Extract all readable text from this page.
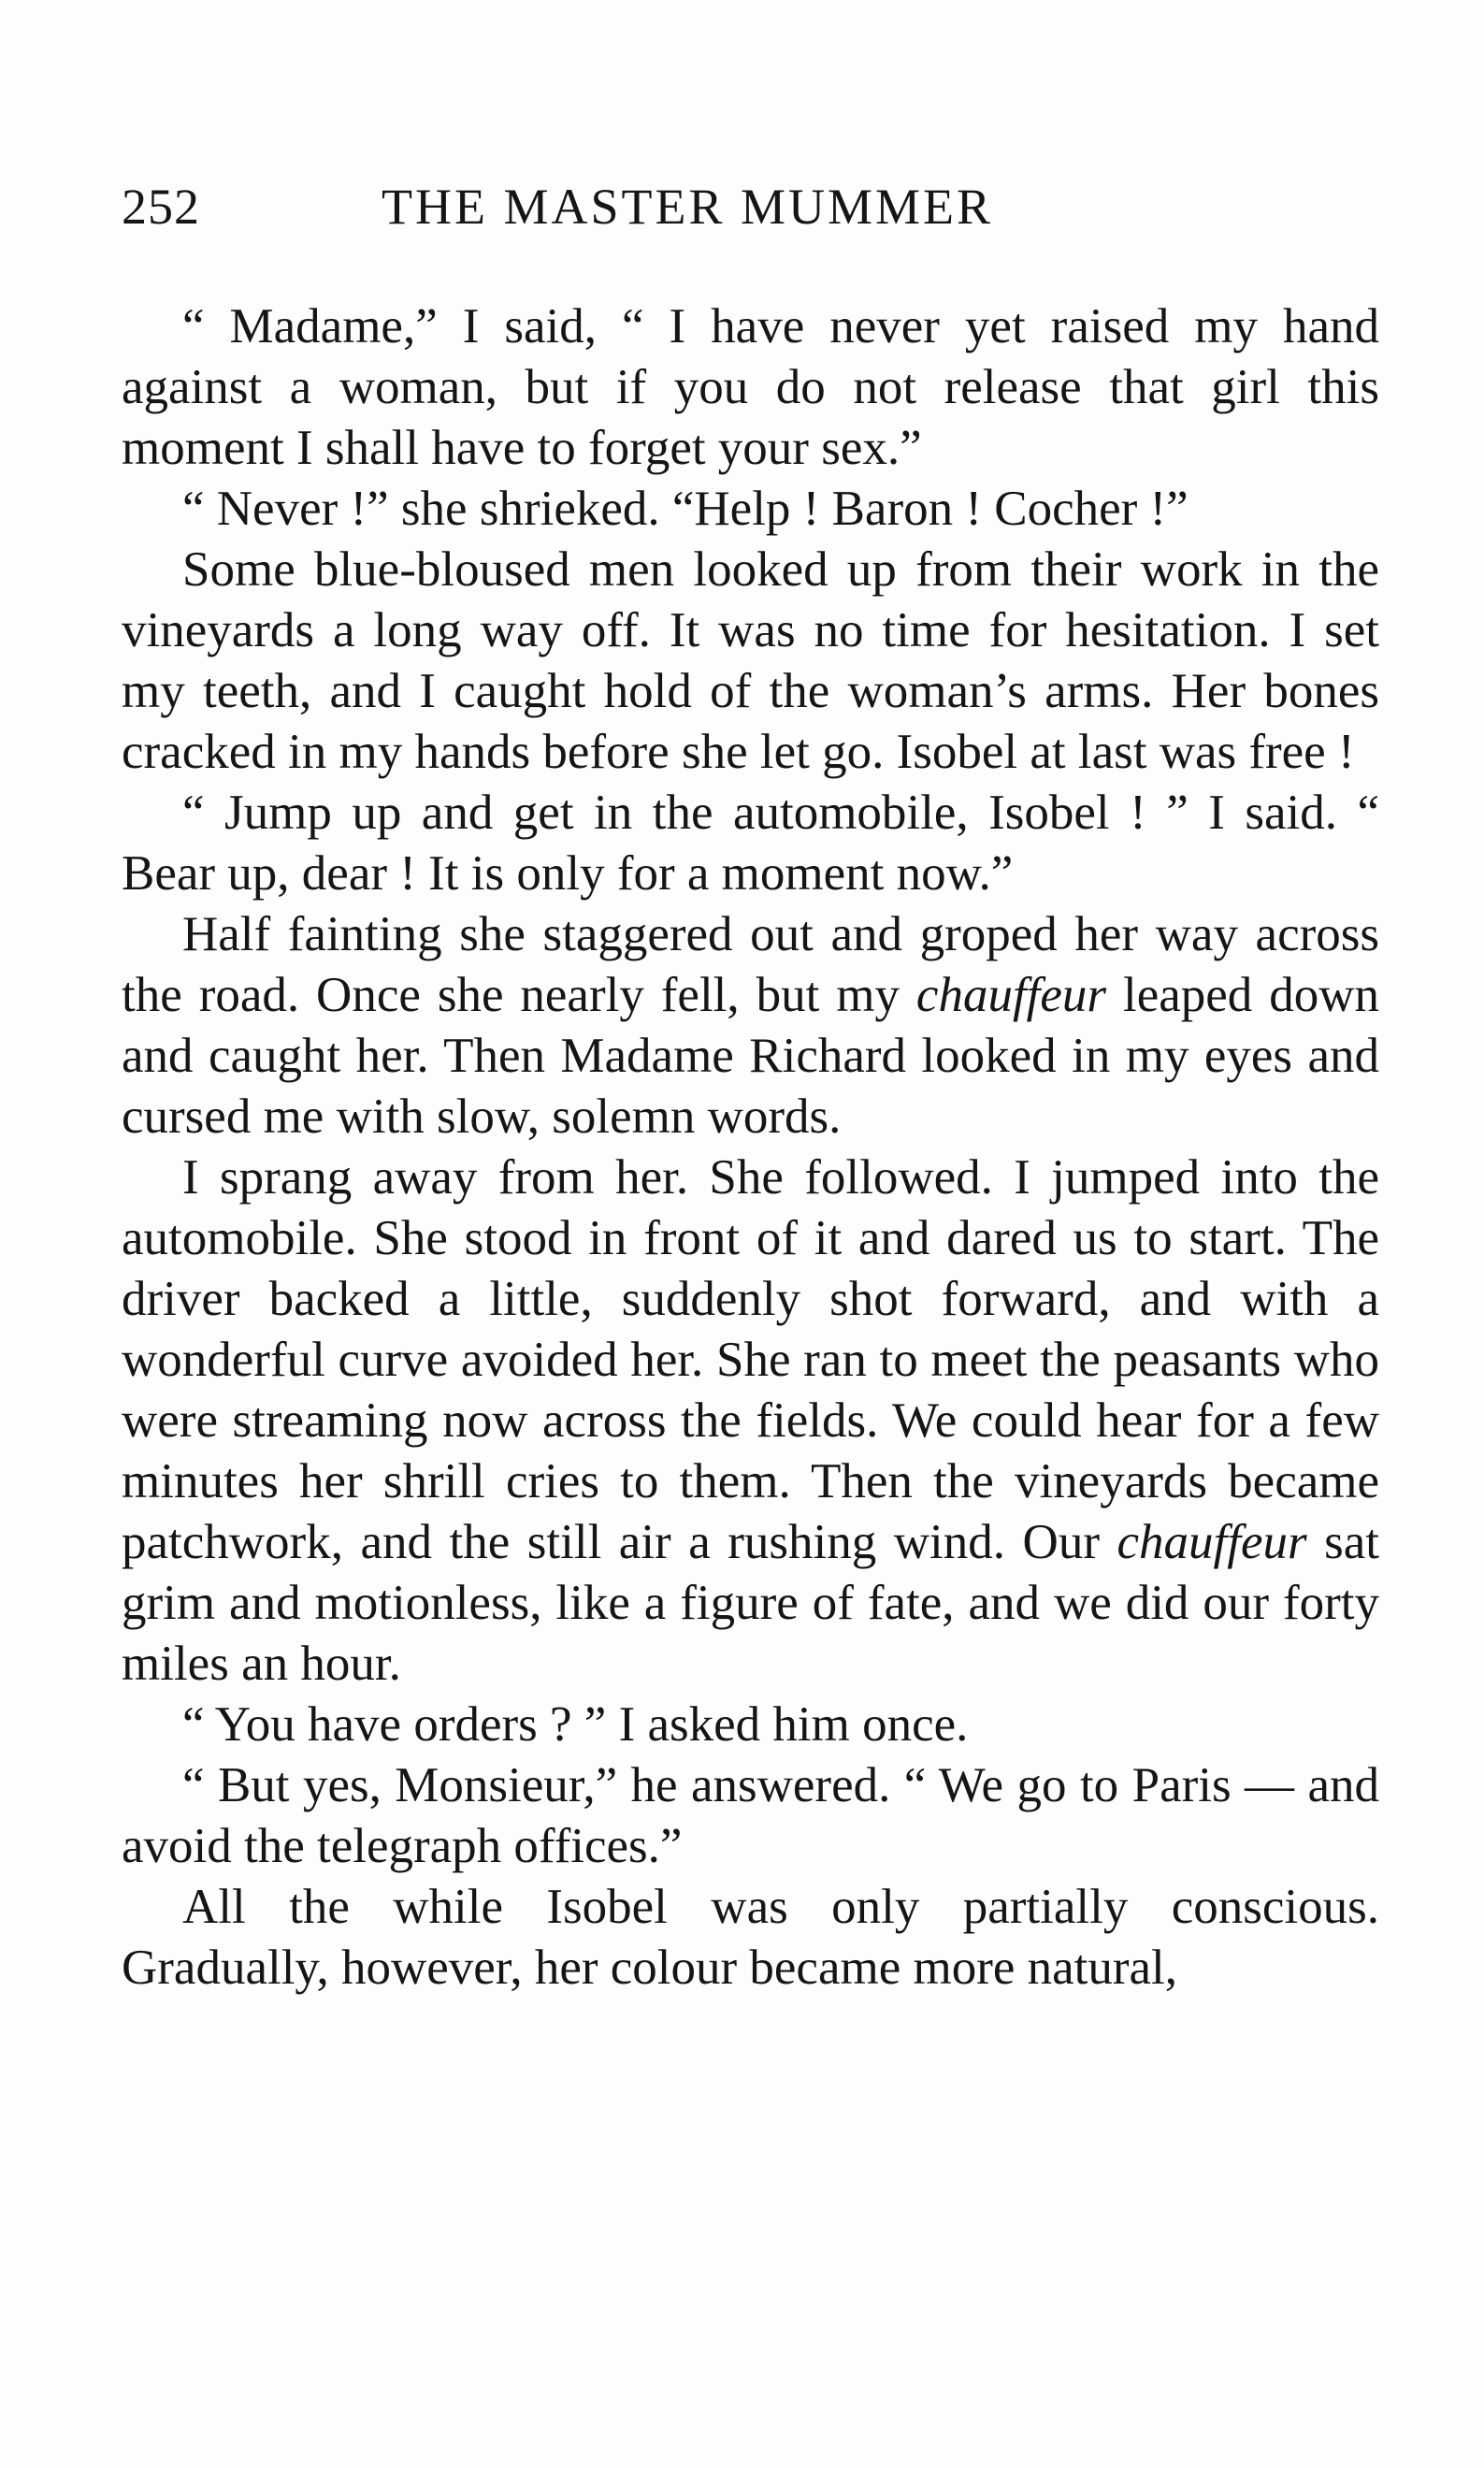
252	THE MASTER MUMMER

“ Madame,” I said, “ I have never yet raised my hand against a woman, but if you do not release that girl this moment I shall have to forget your sex.”

“ Never !” she shrieked. “Help ! Baron ! Cocher !”

Some blue-bloused men looked up from their work in the vineyards a long way off. It was no time for hesitation. I set my teeth, and I caught hold of the woman’s arms. Her bones cracked in my hands before she let go. Isobel at last was free !

“ Jump up and get in the automobile, Isobel ! ” I said. “ Bear up, dear ! It is only for a moment now.”

Half fainting she staggered out and groped her way across the road. Once she nearly fell, but my chauffeur leaped down and caught her. Then Madame Richard looked in my eyes and cursed me with slow, solemn words.

I sprang away from her. She followed. I jumped into the automobile. She stood in front of it and dared us to start. The driver backed a little, suddenly shot forward, and with a wonderful curve avoided her. She ran to meet the peasants who were streaming now across the fields. We could hear for a few minutes her shrill cries to them. Then the vineyards became patchwork, and the still air a rushing wind. Our chauffeur sat grim and motionless, like a figure of fate, and we did our forty miles an hour.

“ You have orders ? ” I asked him once.

“ But yes, Monsieur,” he answered. “ We go to Paris — and avoid the telegraph offices.”

All the while Isobel was only partially conscious. Gradually, however, her colour became more natural,
